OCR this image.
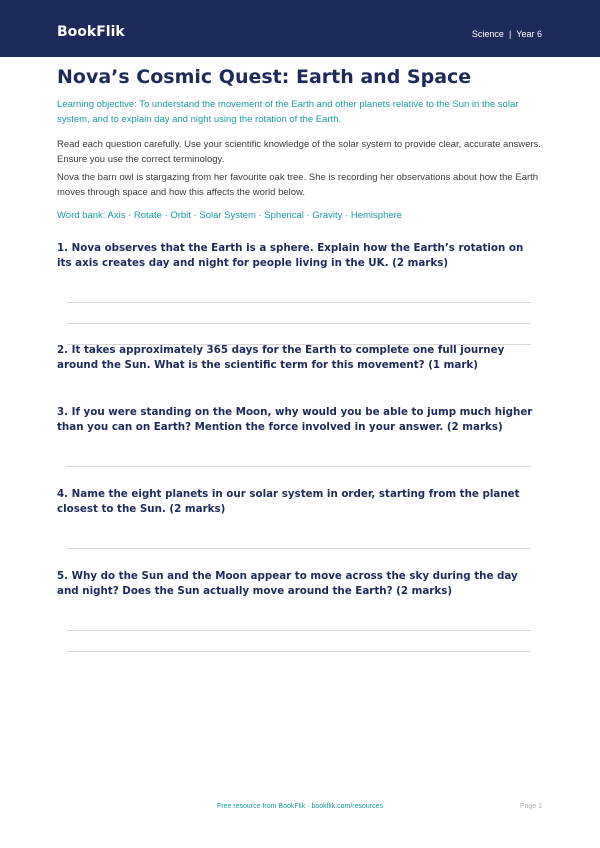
BookFlik	Science | Year 6
Nova’s Cosmic Quest: Earth and Space

Learning objective: To understand the movement of the Earth and other planets relative to the Sun in the solar system, and to explain day and night using the rotation of the Earth.

Read each question carefully. Use your scientific knowledge of the solar system to provide clear, accurate answers. Ensure you use the correct terminology.

Nova the barn owl is stargazing from her favourite oak tree. She is recording her observations about how the Earth moves through space and how this affects the world below.

Word bank: Axis · Rotate · Orbit · Solar System · Spherical · Gravity · Hemisphere

1. Nova observes that the Earth is a sphere. Explain how the Earth’s rotation on its axis creates day and night for people living in the UK. (2 marks)

2. It takes approximately 365 days for the Earth to complete one full journey around the Sun. What is the scientific term for this movement? (1 mark)

3. If you were standing on the Moon, why would you be able to jump much higher than you can on Earth? Mention the force involved in your answer. (2 marks)

4. Name the eight planets in our solar system in order, starting from the planet closest to the Sun. (2 marks)

5. Why do the Sun and the Moon appear to move across the sky during the day and night? Does the Sun actually move around the Earth? (2 marks)

Free resource from BookFlik · bookflik.com/resources	Page 1
